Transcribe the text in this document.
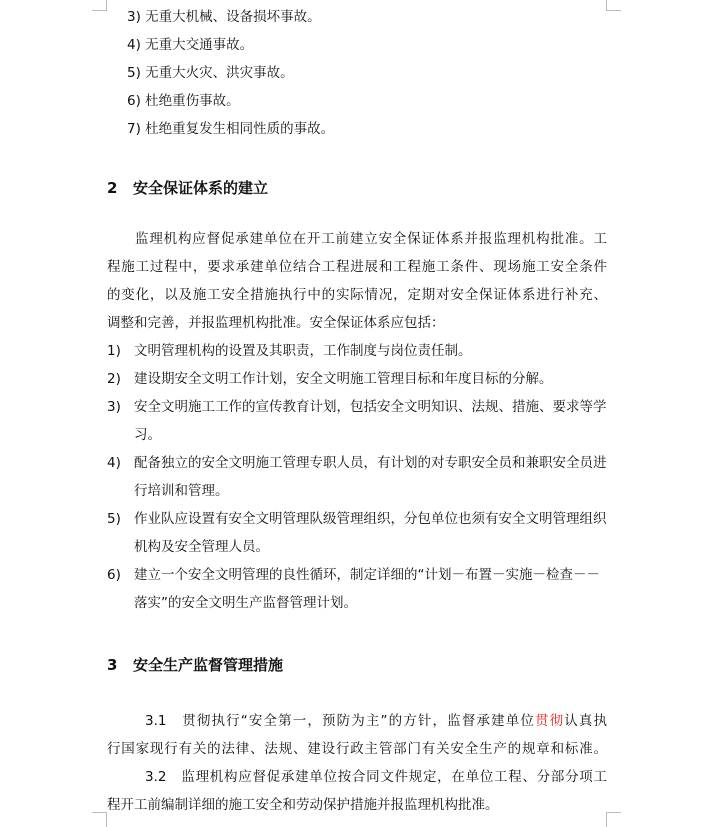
3) 无重大机械、设备损坏事故。
4) 无重大交通事故。
5) 无重大火灾、洪灾事故。
6) 杜绝重伤事故。
7) 杜绝重复发生相同性质的事故。
2 安全保证体系的建立
监理机构应督促承建单位在开工前建立安全保证体系并报监理机构批准。工
程施工过程中，要求承建单位结合工程进展和工程施工条件、现场施工安全条件
的变化，以及施工安全措施执行中的实际情况，定期对安全保证体系进行补充、
调整和完善，并报监理机构批准。安全保证体系应包括：
1) 文明管理机构的设置及其职责，工作制度与岗位责任制。
2) 建设期安全文明工作计划，安全文明施工管理目标和年度目标的分解。
3) 安全文明施工工作的宣传教育计划，包括安全文明知识、法规、措施、要求等学习。
4) 配备独立的安全文明施工管理专职人员，有计划的对专职安全员和兼职安全员进行培训和管理。
5) 作业队应设置有安全文明管理队级管理组织，分包单位也须有安全文明管理组织机构及安全管理人员。
6) 建立一个安全文明管理的良性循环，制定详细的“计划－布置－实施－检查－－落实”的安全文明生产监督管理计划。
3 安全生产监督管理措施
3.1　贯彻执行“安全第一，预防为主”的方针，监督承建单位贯彻认真执
行国家现行有关的法律、法规、建设行政主管部门有关安全生产的规章和标准。
3.2　监理机构应督促承建单位按合同文件规定，在单位工程、分部分项工
程开工前编制详细的施工安全和劳动保护措施并报监理机构批准。
